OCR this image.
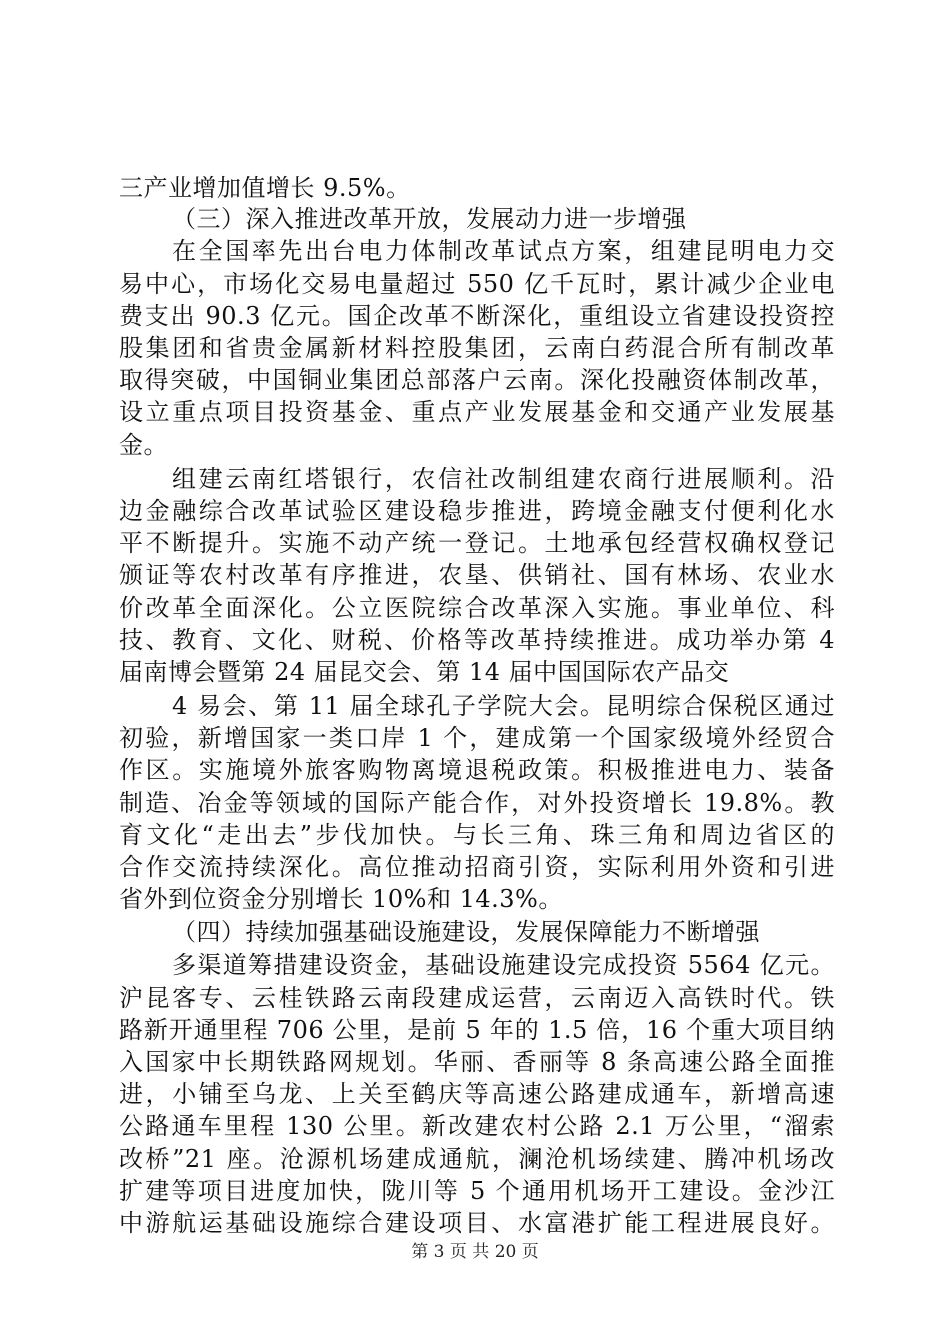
三产业增加值增长 9.5%。
（三）深入推进改革开放，发展动力进一步增强
在全国率先出台电力体制改革试点方案，组建昆明电力交
易中心，市场化交易电量超过 550 亿千瓦时，累计减少企业电
费支出 90.3 亿元。国企改革不断深化，重组设立省建设投资控
股集团和省贵金属新材料控股集团，云南白药混合所有制改革
取得突破，中国铜业集团总部落户云南。深化投融资体制改革，
设立重点项目投资基金、重点产业发展基金和交通产业发展基
金。
组建云南红塔银行，农信社改制组建农商行进展顺利。沿
边金融综合改革试验区建设稳步推进，跨境金融支付便利化水
平不断提升。实施不动产统一登记。土地承包经营权确权登记
颁证等农村改革有序推进，农垦、供销社、国有林场、农业水
价改革全面深化。公立医院综合改革深入实施。事业单位、科
技、教育、文化、财税、价格等改革持续推进。成功举办第 4
届南博会暨第 24 届昆交会、第 14 届中国国际农产品交
4 易会、第 11 届全球孔子学院大会。昆明综合保税区通过
初验，新增国家一类口岸 1 个，建成第一个国家级境外经贸合
作区。实施境外旅客购物离境退税政策。积极推进电力、装备
制造、冶金等领域的国际产能合作，对外投资增长 19.8%。教
育文化“走出去”步伐加快。与长三角、珠三角和周边省区的
合作交流持续深化。高位推动招商引资，实际利用外资和引进
省外到位资金分别增长 10%和 14.3%。
（四）持续加强基础设施建设，发展保障能力不断增强
多渠道筹措建设资金，基础设施建设完成投资 5564 亿元。
沪昆客专、云桂铁路云南段建成运营，云南迈入高铁时代。铁
路新开通里程 706 公里，是前 5 年的 1.5 倍，16 个重大项目纳
入国家中长期铁路网规划。华丽、香丽等 8 条高速公路全面推
进，小铺至乌龙、上关至鹤庆等高速公路建成通车，新增高速
公路通车里程 130 公里。新改建农村公路 2.1 万公里，“溜索
改桥”21 座。沧源机场建成通航，澜沧机场续建、腾冲机场改
扩建等项目进度加快，陇川等 5 个通用机场开工建设。金沙江
中游航运基础设施综合建设项目、水富港扩能工程进展良好。
第 3 页 共 20 页
